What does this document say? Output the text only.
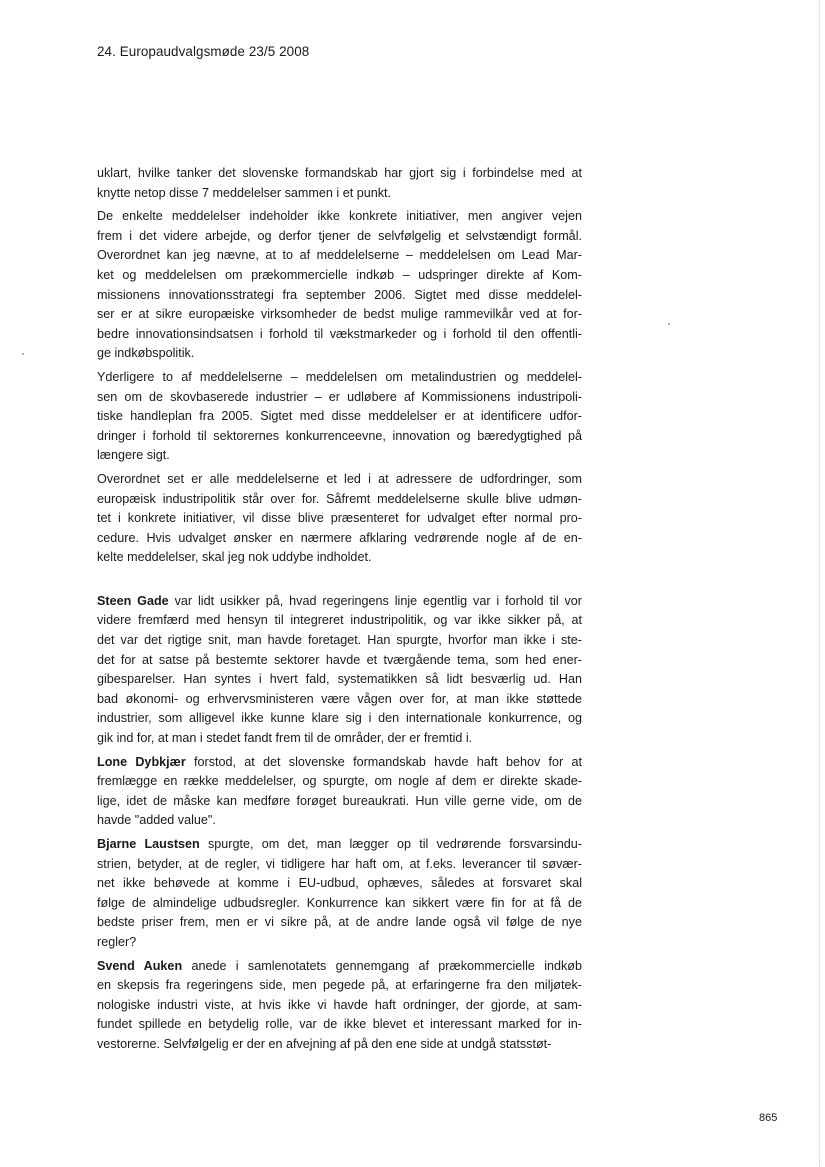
24. Europaudvalgsmøde 23/5 2008

uklart, hvilke tanker det slovenske formandskab har gjort sig i forbindelse med at
knytte netop disse 7 meddelelser sammen i et punkt.

De enkelte meddelelser indeholder ikke konkrete initiativer, men angiver vejen
frem i det videre arbejde, og derfor tjener de selvfølgelig et selvstændigt formål.
Overordnet kan jeg nævne, at to af meddelelserne – meddelelsen om Lead Mar-
ket og meddelelsen om prækommercielle indkøb – udspringer direkte af Kom-
missionens innovationsstrategi fra september 2006. Sigtet med disse meddelel-
ser er at sikre europæiske virksomheder de bedst mulige rammevilkår ved at for-
bedre innovationsindsatsen i forhold til vækstmarkeder og i forhold til den offentli-
ge indkøbspolitik.

Yderligere to af meddelelserne – meddelelsen om metalindustrien og meddelel-
sen om de skovbaserede industrier – er udløbere af Kommissionens industripoli-
tiske handleplan fra 2005. Sigtet med disse meddelelser er at identificere udfor-
dringer i forhold til sektorernes konkurrenceevne, innovation og bæredygtighed på
længere sigt.

Overordnet set er alle meddelelserne et led i at adressere de udfordringer, som
europæisk industripolitik står over for. Såfremt meddelelserne skulle blive udmøn-
tet i konkrete initiativer, vil disse blive præsenteret for udvalget efter normal pro-
cedure. Hvis udvalget ønsker en nærmere afklaring vedrørende nogle af de en-
kelte meddelelser, skal jeg nok uddybe indholdet.

Steen Gade var lidt usikker på, hvad regeringens linje egentlig var i forhold til vor
videre fremfærd med hensyn til integreret industripolitik, og var ikke sikker på, at
det var det rigtige snit, man havde foretaget. Han spurgte, hvorfor man ikke i ste-
det for at satse på bestemte sektorer havde et tværgående tema, som hed ener-
gibesparelser. Han syntes i hvert fald, systematikken så lidt besværlig ud. Han
bad økonomi- og erhvervsministeren være vågen over for, at man ikke støttede
industrier, som alligevel ikke kunne klare sig i den internationale konkurrence, og
gik ind for, at man i stedet fandt frem til de områder, der er fremtid i.

Lone Dybkjær forstod, at det slovenske formandskab havde haft behov for at
fremlægge en række meddelelser, og spurgte, om nogle af dem er direkte skade-
lige, idet de måske kan medføre forøget bureaukrati. Hun ville gerne vide, om de
havde "added value".

Bjarne Laustsen spurgte, om det, man lægger op til vedrørende forsvarsindu-
strien, betyder, at de regler, vi tidligere har haft om, at f.eks. leverancer til søvær-
net ikke behøvede at komme i EU-udbud, ophæves, således at forsvaret skal
følge de almindelige udbudsregler. Konkurrence kan sikkert være fin for at få de
bedste priser frem, men er vi sikre på, at de andre lande også vil følge de nye
regler?

Svend Auken anede i samlenotatets gennemgang af prækommercielle indkøb
en skepsis fra regeringens side, men pegede på, at erfaringerne fra den miljøtek-
nologiske industri viste, at hvis ikke vi havde haft ordninger, der gjorde, at sam-
fundet spillede en betydelig rolle, var de ikke blevet et interessant marked for in-
vestorerne. Selvfølgelig er der en afvejning af på den ene side at undgå statsstøt-

865
